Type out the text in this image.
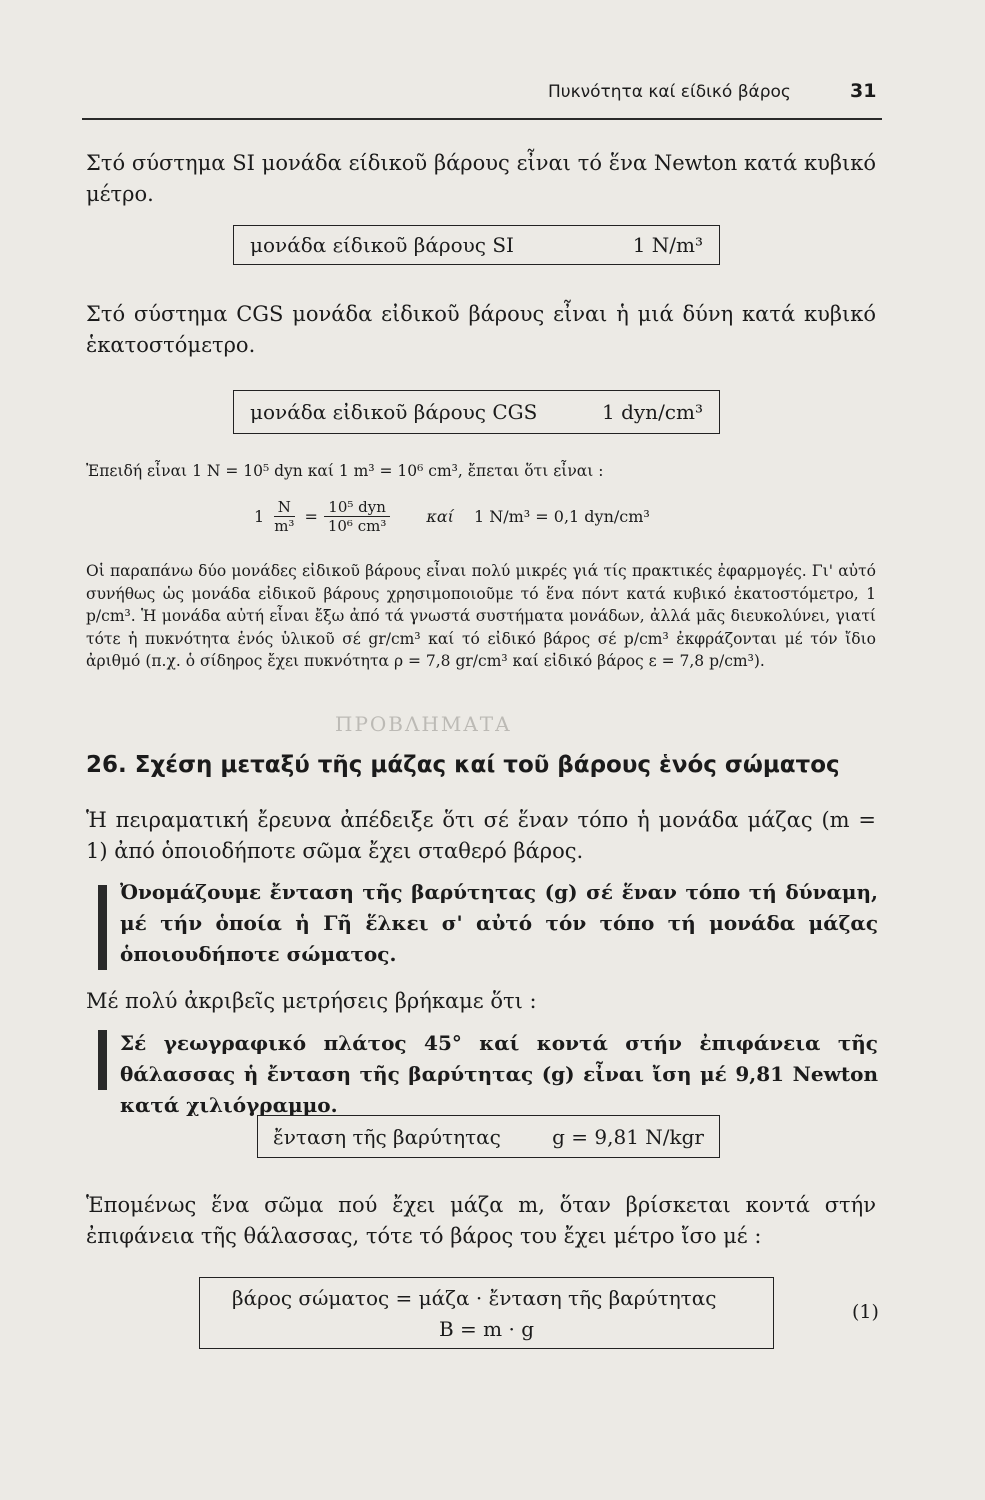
Πυκνότητα καί είδικό βάρος	31
Στό σύστημα SI μονάδα είδικοῦ βάρους εἶναι τό ἕνα Newton κατά κυβικό μέτρο.
μονάδα είδικοῦ βάρους SI	1 N/m³
Στό σύστημα CGS μονάδα εἰδικοῦ βάρους εἶναι ἡ μιά δύνη κατά κυβικό ἑκατοστόμετρο.
μονάδα εἰδικοῦ βάρους CGS	1 dyn/cm³
Ἐπειδή εἶναι 1 N = 10⁵ dyn καί 1 m³ = 10⁶ cm³, ἔπεται ὅτι εἶναι :
$1 \frac{N}{\text{m³}} = \frac{\text{10⁵ dyn}}{\text{10⁶ cm³}}$ καί 1 N/m³ = 0,1 dyn/cm³
Οἱ παραπάνω δύο μονάδες εἰδικοῦ βάρους εἶναι πολύ μικρές γιά τίς πρακτικές ἐφαρμογές. Γι' αὐτό συνήθως ὡς μονάδα εἰδικοῦ βάρους χρησιμοποιοῦμε τό ἕνα πόντ κατά κυβικό ἑκατοστόμετρο, 1 p/cm³. Ἡ μονάδα αὐτή εἶναι ἔξω ἀπό τά γνωστά συστήματα μονάδων, ἀλλά μᾶς διευκολύνει, γιατί τότε ἡ πυκνότητα ἑνός ὑλικοῦ σέ gr/cm³ καί τό εἰδικό βάρος σέ p/cm³ ἐκφράζονται μέ τόν ἴδιο ἀριθμό (π.χ. ὁ σίδηρος ἔχει πυκνότητα ρ = 7,8 gr/cm³ καί εἰδικό βάρος ε = 7,8 p/cm³).
ΠΡΟΒΛΗΜΑΤΑ
26. Σχέση μεταξύ τῆς μάζας καί τοῦ βάρους ἑνός σώματος
Ἡ πειραματική ἔρευνα ἀπέδειξε ὅτι σέ ἕναν τόπο ἡ μονάδα μάζας (m = 1) ἀπό ὁποιοδήποτε σῶμα ἔχει σταθερό βάρος.
Ὀνομάζουμε ἔνταση τῆς βαρύτητας (g) σέ ἕναν τόπο τή δύναμη, μέ τήν ὁποία ἡ Γῆ ἕλκει σ' αὐτό τόν τόπο τή μονάδα μάζας ὁποιουδήποτε σώματος.
Μέ πολύ ἀκριβεῖς μετρήσεις βρήκαμε ὅτι :
Σέ γεωγραφικό πλάτος 45° καί κοντά στήν ἐπιφάνεια τῆς θάλασσας ἡ ἔνταση τῆς βαρύτητας (g) εἶναι ἴση μέ 9,81 Newton κατά χιλιόγραμμο.
ἔνταση τῆς βαρύτητας	g = 9,81 N/kgr
Ἑπομένως ἕνα σῶμα πού ἔχει μάζα m, ὅταν βρίσκεται κοντά στήν ἐπιφάνεια τῆς θάλασσας, τότε τό βάρος του ἔχει μέτρο ἴσο μέ :
βάρος σώματος = μάζα · ἔνταση τῆς βαρύτητας
B = m · g
(1)
